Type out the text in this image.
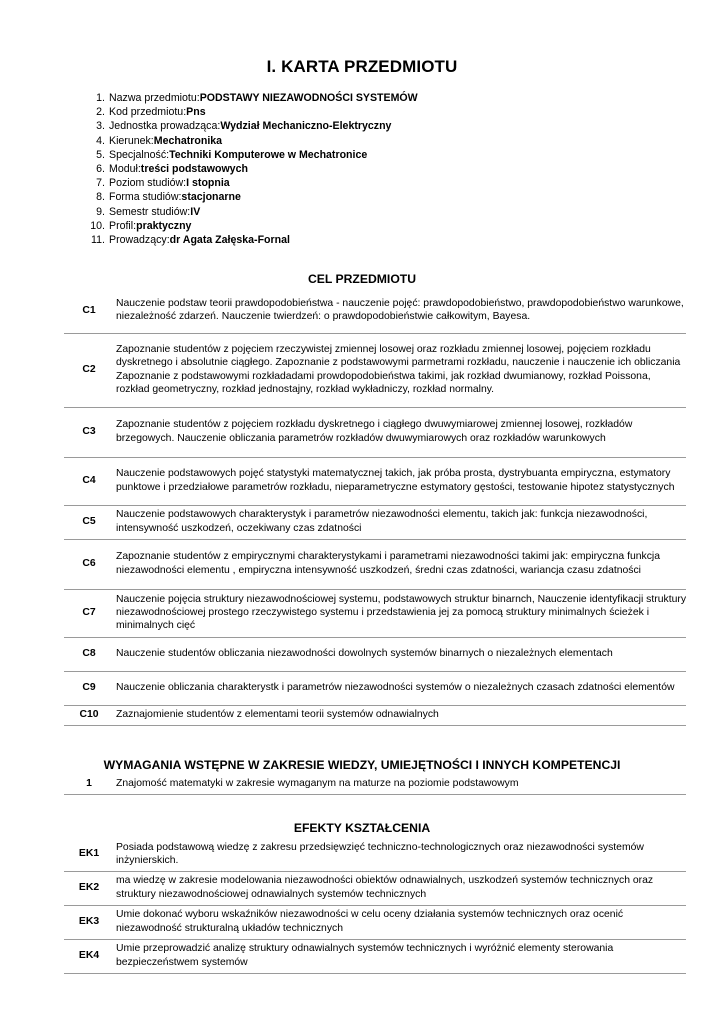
I. KARTA PRZEDMIOTU
1. Nazwa przedmiotu: PODSTAWY NIEZAWODNOŚCI SYSTEMÓW
2. Kod przedmiotu: Pns
3. Jednostka prowadząca: Wydział Mechaniczno-Elektryczny
4. Kierunek: Mechatronika
5. Specjalność: Techniki Komputerowe w Mechatronice
6. Moduł: treści podstawowych
7. Poziom studiów: I stopnia
8. Forma studiów: stacjonarne
9. Semestr studiów: IV
10. Profil: praktyczny
11. Prowadzący: dr Agata Załęska-Fornal
CEL PRZEDMIOTU
C1	Nauczenie podstaw teorii prawdopodobieństwa - nauczenie pojęć: prawdopodobieństwo, prawdopodobieństwo warunkowe, niezależność zdarzeń. Nauczenie twierdzeń: o prawdopodobieństwie całkowitym, Bayesa.
C2	Zapoznanie studentów z pojęciem rzeczywistej zmiennej losowej oraz rozkładu zmiennej losowej, pojęciem rozkładu dyskretnego i absolutnie ciągłego. Zapoznanie z podstawowymi parmetrami rozkładu, nauczenie i nauczenie ich obliczania Zapoznanie z podstawowymi rozkładadami prowdopodobieństwa takimi, jak rozkład dwumianowy, rozkład Poissona, rozkład geometryczny, rozkład jednostajny, rozkład wykładniczy, rozkład normalny.
C3	Zapoznanie studentów z pojęciem rozkładu dyskretnego i ciągłego dwuwymiarowej zmiennej losowej, rozkładów brzegowych. Nauczenie obliczania parametrów rozkładów dwuwymiarowych oraz rozkładów warunkowych
C4	Nauczenie podstawowych pojęć statystyki matematycznej takich, jak próba prosta, dystrybuanta empiryczna, estymatory punktowe i przedziałowe parametrów rozkładu, nieparametryczne estymatory gęstości, testowanie hipotez statystycznych
C5	Nauczenie podstawowych charakterystyk i parametrów niezawodności elementu, takich jak: funkcja niezawodności, intensywność uszkodzeń, oczekiwany czas zdatności
C6	Zapoznanie studentów z empirycznymi charakterystykami i parametrami niezawodności takimi jak: empiryczna funkcja niezawodności elementu , empiryczna intensywność uszkodzeń, średni czas zdatności, wariancja czasu zdatności
C7	Nauczenie pojęcia struktury niezawodnościowej systemu, podstawowych struktur binarnch, Nauczenie identyfikacji struktury niezawodnościowej prostego rzeczywistego systemu i przedstawienia jej za pomocą struktury minimalnych ścieżek i minimalnych cięć
C8	Nauczenie studentów obliczania niezawodności dowolnych systemów binarnych o niezależnych elementach
C9	Nauczenie obliczania charakterystk i parametrów niezawodności systemów o niezależnych czasach zdatności elementów
C10	Zaznajomienie studentów z elementami teorii systemów odnawialnych
WYMAGANIA WSTĘPNE W ZAKRESIE WIEDZY, UMIEJĘTNOŚCI I INNYCH KOMPETENCJI
1	Znajomość matematyki w zakresie wymaganym na maturze na poziomie podstawowym
EFEKTY KSZTAŁCENIA
EK1	Posiada podstawową wiedzę z zakresu przedsięwzięć techniczno-technologicznych oraz niezawodności systemów inżynierskich.
EK2	ma wiedzę w zakresie modelowania niezawodności obiektów odnawialnych, uszkodzeń systemów technicznych oraz struktury niezawodnościowej odnawialnych systemów technicznych
EK3	Umie dokonać wyboru wskaźników niezawodności w celu oceny działania systemów technicznych oraz ocenić niezawodność strukturalną układów technicznych
EK4	Umie przeprowadzić analizę struktury odnawialnych systemów technicznych i wyróżnić elementy sterowania bezpieczeństwem systemów
